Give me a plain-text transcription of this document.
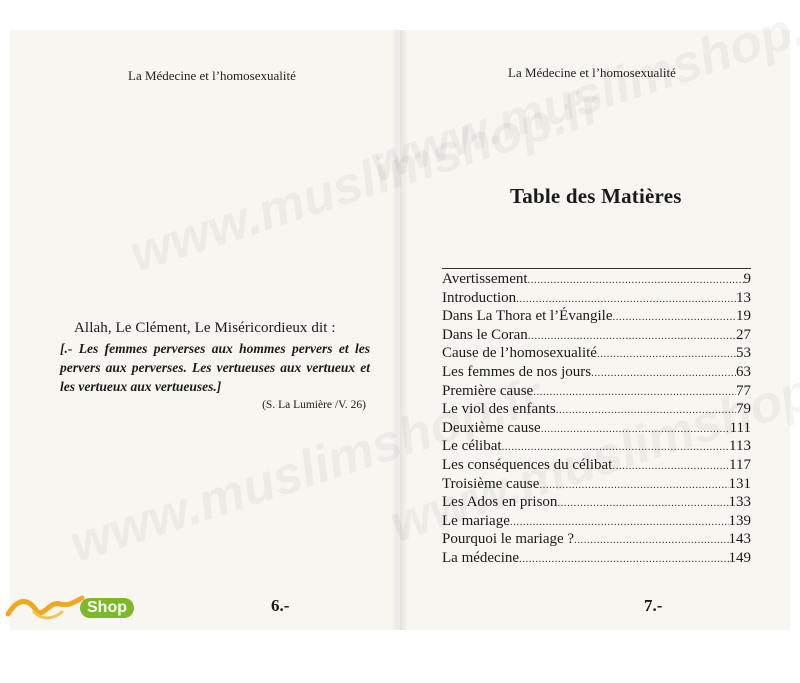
La Médecine et l’homosexualité
Allah, Le Clément, Le Miséricordieux dit :
[.- Les femmes perverses aux hommes pervers et les pervers aux perverses. Les vertueuses aux vertueux et les vertueux aux vertueuses.]
(S. La Lumière /V. 26)
6.-
La Médecine et l’homosexualité
Table des Matières
Avertissement .....	9
Introduction .....	13
Dans La Thora et l’Évangile .....	19
Dans le Coran .....	27
Cause de l’homosexualité .....	53
Les femmes de nos jours .....	63
Première cause .....	77
Le viol des enfants .....	79
Deuxième cause .....	111
Le célibat .....	113
Les conséquences du célibat .....	117
Troisième cause .....	131
Les Ados en prison .....	133
Le mariage .....	139
Pourquoi le mariage ? .....	143
La médecine .....	149
7.-
Shop
